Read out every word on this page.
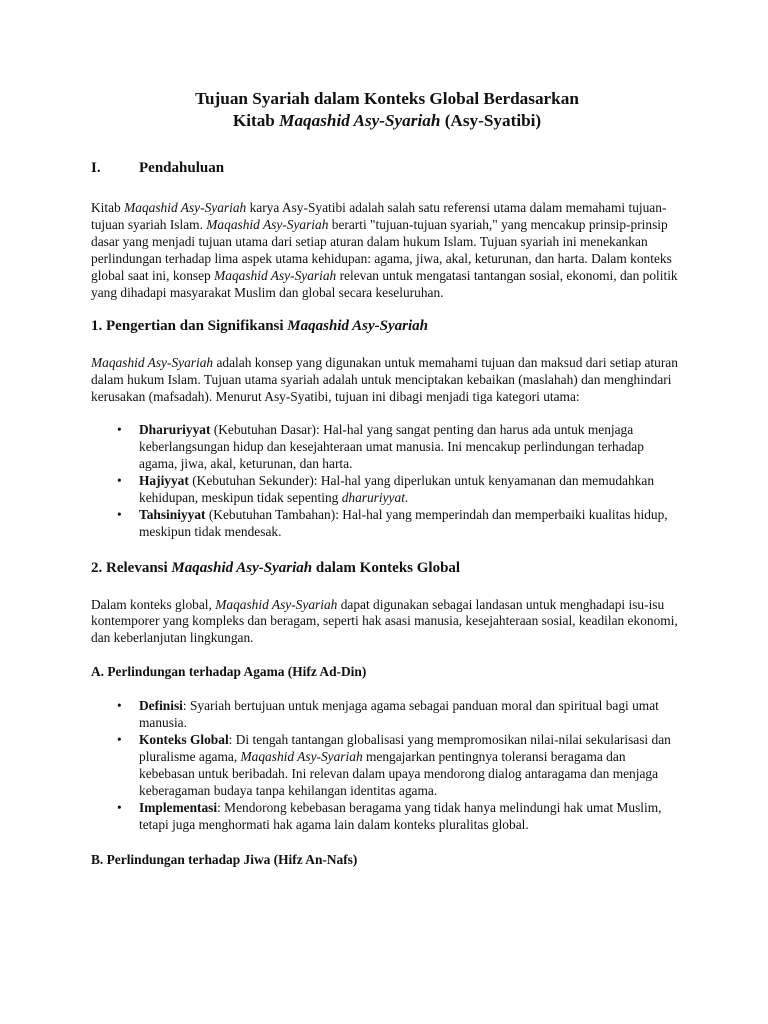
Tujuan Syariah dalam Konteks Global Berdasarkan
Kitab Maqashid Asy-Syariah (Asy-Syatibi)
I.	Pendahuluan

Kitab Maqashid Asy-Syariah karya Asy-Syatibi adalah salah satu referensi utama dalam memahami tujuan-tujuan syariah Islam. Maqashid Asy-Syariah berarti "tujuan-tujuan syariah," yang mencakup prinsip-prinsip dasar yang menjadi tujuan utama dari setiap aturan dalam hukum Islam. Tujuan syariah ini menekankan perlindungan terhadap lima aspek utama kehidupan: agama, jiwa, akal, keturunan, dan harta. Dalam konteks global saat ini, konsep Maqashid Asy-Syariah relevan untuk mengatasi tantangan sosial, ekonomi, dan politik yang dihadapi masyarakat Muslim dan global secara keseluruhan.

1. Pengertian dan Signifikansi Maqashid Asy-Syariah

Maqashid Asy-Syariah adalah konsep yang digunakan untuk memahami tujuan dan maksud dari setiap aturan dalam hukum Islam. Tujuan utama syariah adalah untuk menciptakan kebaikan (maslahah) dan menghindari kerusakan (mafsadah). Menurut Asy-Syatibi, tujuan ini dibagi menjadi tiga kategori utama:

• Dharuriyyat (Kebutuhan Dasar): Hal-hal yang sangat penting dan harus ada untuk menjaga keberlangsungan hidup dan kesejahteraan umat manusia. Ini mencakup perlindungan terhadap agama, jiwa, akal, keturunan, dan harta.
• Hajiyyat (Kebutuhan Sekunder): Hal-hal yang diperlukan untuk kenyamanan dan memudahkan kehidupan, meskipun tidak sepenting dharuriyyat.
• Tahsiniyyat (Kebutuhan Tambahan): Hal-hal yang memperindah dan memperbaiki kualitas hidup, meskipun tidak mendesak.
2. Relevansi Maqashid Asy-Syariah dalam Konteks Global

Dalam konteks global, Maqashid Asy-Syariah dapat digunakan sebagai landasan untuk menghadapi isu-isu kontemporer yang kompleks dan beragam, seperti hak asasi manusia, kesejahteraan sosial, keadilan ekonomi, dan keberlanjutan lingkungan.

A. Perlindungan terhadap Agama (Hifz Ad-Din)
• Definisi: Syariah bertujuan untuk menjaga agama sebagai panduan moral dan spiritual bagi umat manusia.
• Konteks Global: Di tengah tantangan globalisasi yang mempromosikan nilai-nilai sekularisasi dan pluralisme agama, Maqashid Asy-Syariah mengajarkan pentingnya toleransi beragama dan kebebasan untuk beribadah. Ini relevan dalam upaya mendorong dialog antaragama dan menjaga keberagaman budaya tanpa kehilangan identitas agama.
• Implementasi: Mendorong kebebasan beragama yang tidak hanya melindungi hak umat Muslim, tetapi juga menghormati hak agama lain dalam konteks pluralitas global.
B. Perlindungan terhadap Jiwa (Hifz An-Nafs)
